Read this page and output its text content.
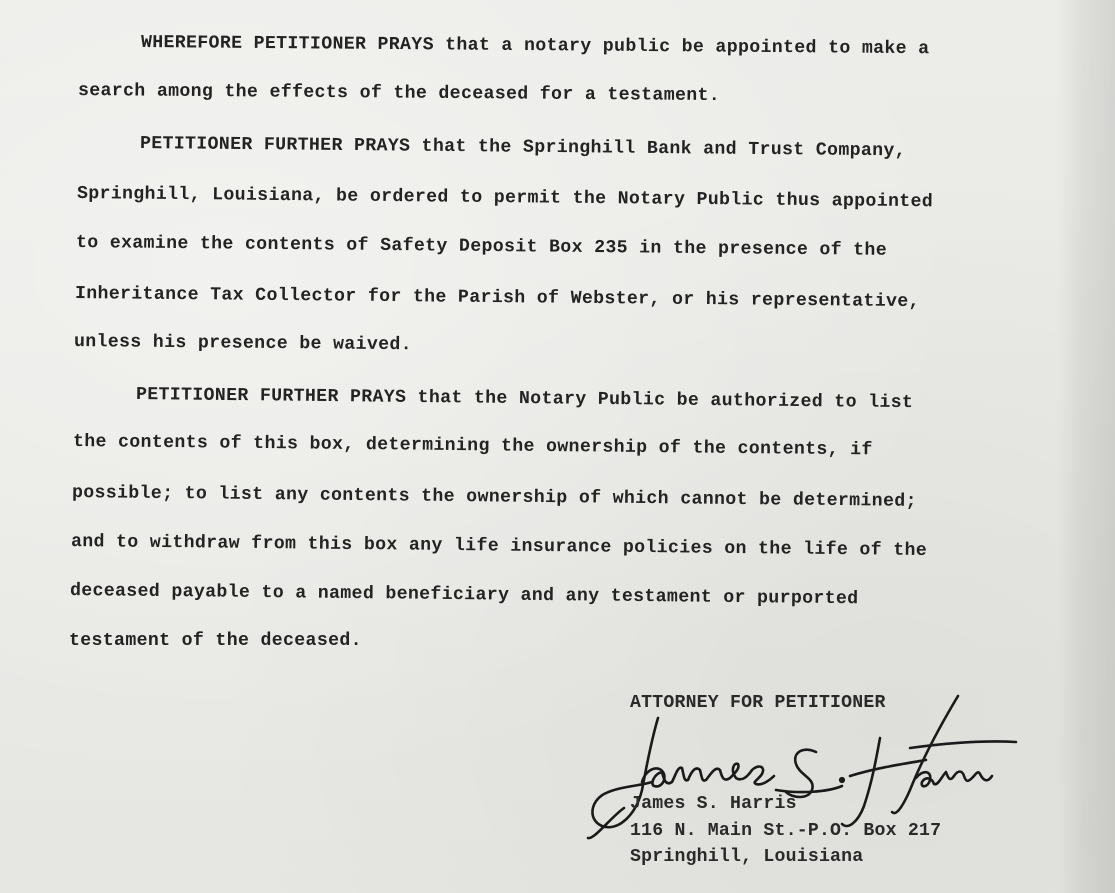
WHEREFORE PETITIONER PRAYS that a notary public be appointed to make a
search among the effects of the deceased for a testament.
PETITIONER FURTHER PRAYS that the Springhill Bank and Trust Company,
Springhill, Louisiana, be ordered to permit the Notary Public thus appointed
to examine the contents of Safety Deposit Box 235 in the presence of the
Inheritance Tax Collector for the Parish of Webster, or his representative,
unless his presence be waived.
PETITIONER FURTHER PRAYS that the Notary Public be authorized to list
the contents of this box, determining the ownership of the contents, if
possible; to list any contents the ownership of which cannot be determined;
and to withdraw from this box any life insurance policies on the life of the
deceased payable to a named beneficiary and any testament or purported
testament of the deceased.
ATTORNEY FOR PETITIONER
James S. Harris
116 N. Main St.-P.O. Box 217
Springhill, Louisiana
